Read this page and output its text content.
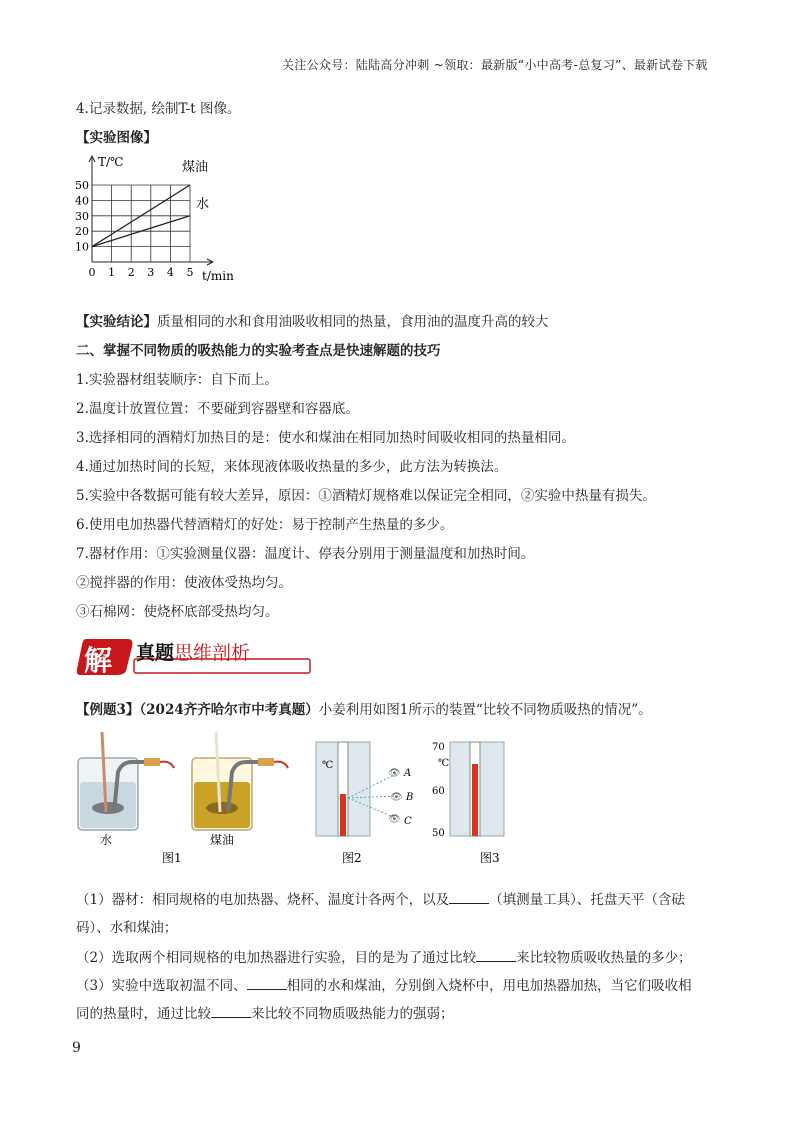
关注公众号：陆陆高分冲刺 ~领取：最新版“小中高考-总复习”、最新试卷下载
4.记录数据, 绘制T-t 图像。
【实验图像】
10
20
30
40
50
0 1 2 3 4 5
T/℃
t/min
煤油
水
【实验结论】质量相同的水和食用油吸收相同的热量，食用油的温度升高的较大
二、掌握不同物质的吸热能力的实验考查点是快速解题的技巧
1.实验器材组装顺序：自下而上。
2.温度计放置位置：不要碰到容器壁和容器底。
3.选择相同的酒精灯加热目的是：使水和煤油在相同加热时间吸收相同的热量相同。
4.通过加热时间的长短，来体现液体吸收热量的多少，此方法为转换法。
5.实验中各数据可能有较大差异，原因：①酒精灯规格难以保证完全相同，②实验中热量有损失。
6.使用电加热器代替酒精灯的好处：易于控制产生热量的多少。
7.器材作用：①实验测量仪器：温度计、停表分别用于测量温度和加热时间。
②搅拌器的作用：使液体受热均匀。
③石棉网：使烧杯底部受热均匀。
解 真题思维剖析
【例题3】（2024齐齐哈尔市中考真题）小姜利用如图1所示的装置“比较不同物质吸热的情况”。
水
图1
煤油
℃
👁
👁
👁
A
B
C
图2
70
℃
60
50
图3
（1）器材：相同规格的电加热器、烧杯、温度计各两个，以及	（填测量工具）、托盘天平（含砝
码）、水和煤油；
（2）选取两个相同规格的电加热器进行实验，目的是为了通过比较	来比较物质吸收热量的多少；
（3）实验中选取初温不同、	相同的水和煤油，分别倒入烧杯中，用电加热器加热，当它们吸收相
同的热量时，通过比较	来比较不同物质吸热能力的强弱；
9
